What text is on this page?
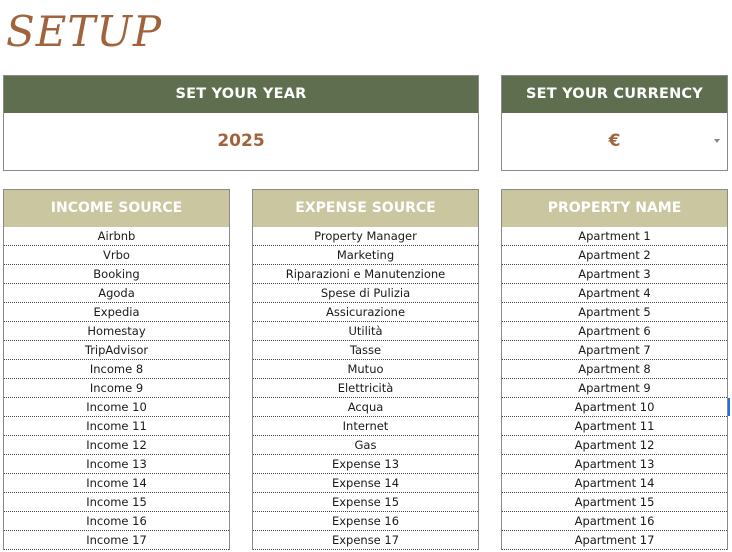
SETUP
SET YOUR YEAR
2025
SET YOUR CURRENCY
€
INCOME SOURCE
Airbnb
Vrbo
Booking
Agoda
Expedia
Homestay
TripAdvisor
Income 8
Income 9
Income 10
Income 11
Income 12
Income 13
Income 14
Income 15
Income 16
Income 17
EXPENSE SOURCE
Property Manager
Marketing
Riparazioni e Manutenzione
Spese di Pulizia
Assicurazione
Utilità
Tasse
Mutuo
Elettricità
Acqua
Internet
Gas
Expense 13
Expense 14
Expense 15
Expense 16
Expense 17
PROPERTY NAME
Apartment 1
Apartment 2
Apartment 3
Apartment 4
Apartment 5
Apartment 6
Apartment 7
Apartment 8
Apartment 9
Apartment 10
Apartment 11
Apartment 12
Apartment 13
Apartment 14
Apartment 15
Apartment 16
Apartment 17
